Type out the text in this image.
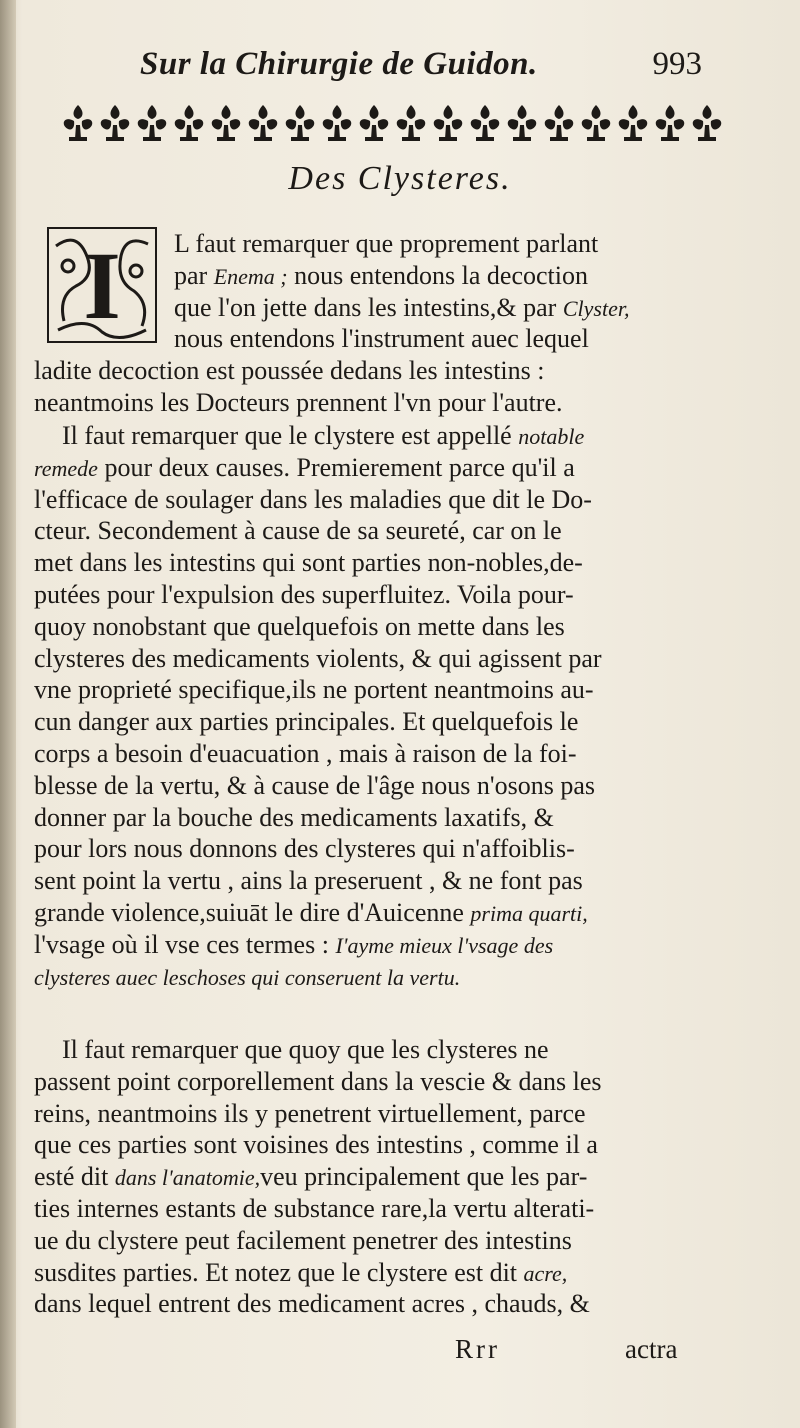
Sur la Chirurgie de Guidon.	993
Des Clysteres.
I	L faut remarquer que proprement parlant
par Enema ; nous entendons la decoction
que l'on jette dans les intestins,& par Clyster,
nous entendons l'instrument auec lequel
ladite decoction est poussée dedans les intestins :
neantmoins les Docteurs prennent l'vn pour l'autre.
Il faut remarquer que le clystere est appellé notable
remede pour deux causes. Premierement parce qu'il a
l'efficace de soulager dans les maladies que dit le Do-
cteur. Secondement à cause de sa seureté, car on le
met dans les intestins qui sont parties non-nobles,de-
putées pour l'expulsion des superfluitez. Voila pour-
quoy nonobstant que quelquefois on mette dans les
clysteres des medicaments violents, & qui agissent par
vne proprieté specifique,ils ne portent neantmoins au-
cun danger aux parties principales. Et quelquefois le
corps a besoin d'euacuation , mais à raison de la foi-
blesse de la vertu, & à cause de l'âge nous n'osons pas
donner par la bouche des medicaments laxatifs, &
pour lors nous donnons des clysteres qui n'affoiblis-
sent point la vertu , ains la preseruent , & ne font pas
grande violence,suiuāt le dire d'Auicenne prima quarti,
l'vsage où il vse ces termes : I'ayme mieux l'vsage des
clysteres auec leschoses qui conseruent la vertu.
Il faut remarquer que quoy que les clysteres ne
passent point corporellement dans la vescie & dans les
reins, neantmoins ils y penetrent virtuellement, parce
que ces parties sont voisines des intestins , comme il a
esté dit dans l'anatomie,veu principalement que les par-
ties internes estants de substance rare,la vertu alterati-
ue du clystere peut facilement penetrer des intestins
susdites parties. Et notez que le clystere est dit acre,
dans lequel entrent des medicament acres , chauds, &
Rrr	actra
